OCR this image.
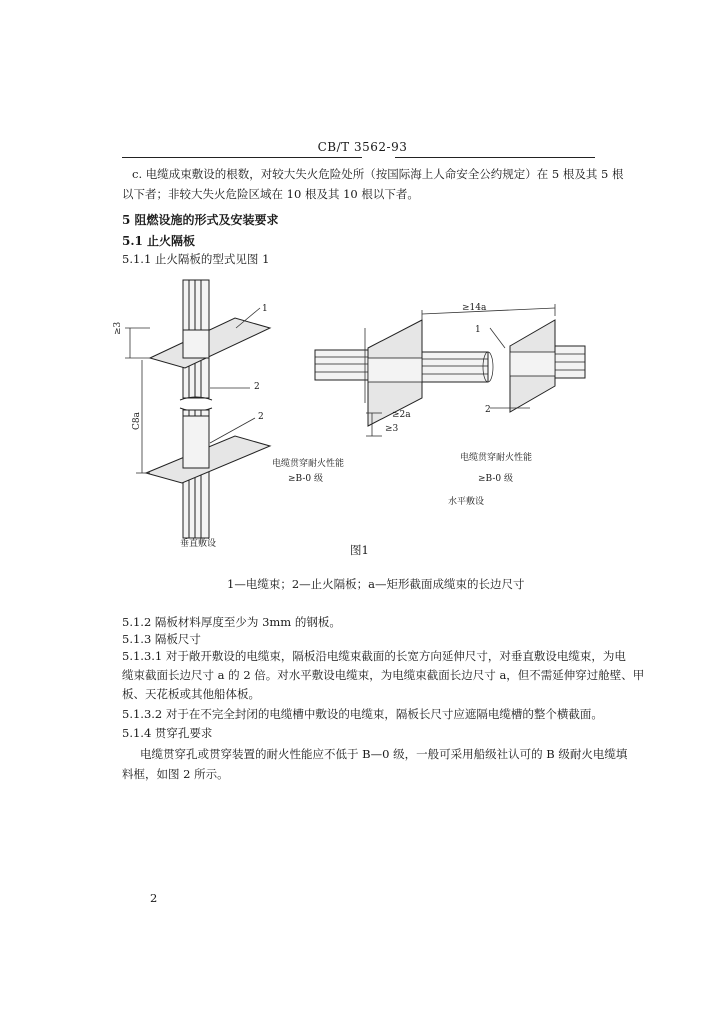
CB/T 3562-93
c. 电缆成束敷设的根数，对较大失火危险处所（按国际海上人命安全公约规定）在 5 根及其 5 根
以下者；非较大失火危险区域在 10 根及其 10 根以下者。
5 阻燃设施的形式及安装要求
5.1 止火隔板
5.1.1 止火隔板的型式见图 1
≥3
C8a
1
2
2
电缆贯穿耐火性能
≥B-0 级
垂直敷设
≥14a
≥2a
≥3
1
2
电缆贯穿耐火性能
≥B-0 级
水平敷设
图1
1—电缆束；2—止火隔板；a—矩形截面成缆束的长边尺寸
5.1.2 隔板材料厚度至少为 3mm 的钢板。
5.1.3 隔板尺寸
5.1.3.1 对于敞开敷设的电缆束，隔板沿电缆束截面的长宽方向延伸尺寸，对垂直敷设电缆束，为电
缆束截面长边尺寸 a 的 2 倍。对水平敷设电缆束，为电缆束截面长边尺寸 a，但不需延伸穿过舱壁、甲
板、天花板或其他船体板。
5.1.3.2 对于在不完全封闭的电缆槽中敷设的电缆束，隔板长尺寸应遮隔电缆槽的整个横截面。
5.1.4 贯穿孔要求
电缆贯穿孔或贯穿装置的耐火性能应不低于 B—0 级，一般可采用船级社认可的 B 级耐火电缆填
料框，如图 2 所示。
2
